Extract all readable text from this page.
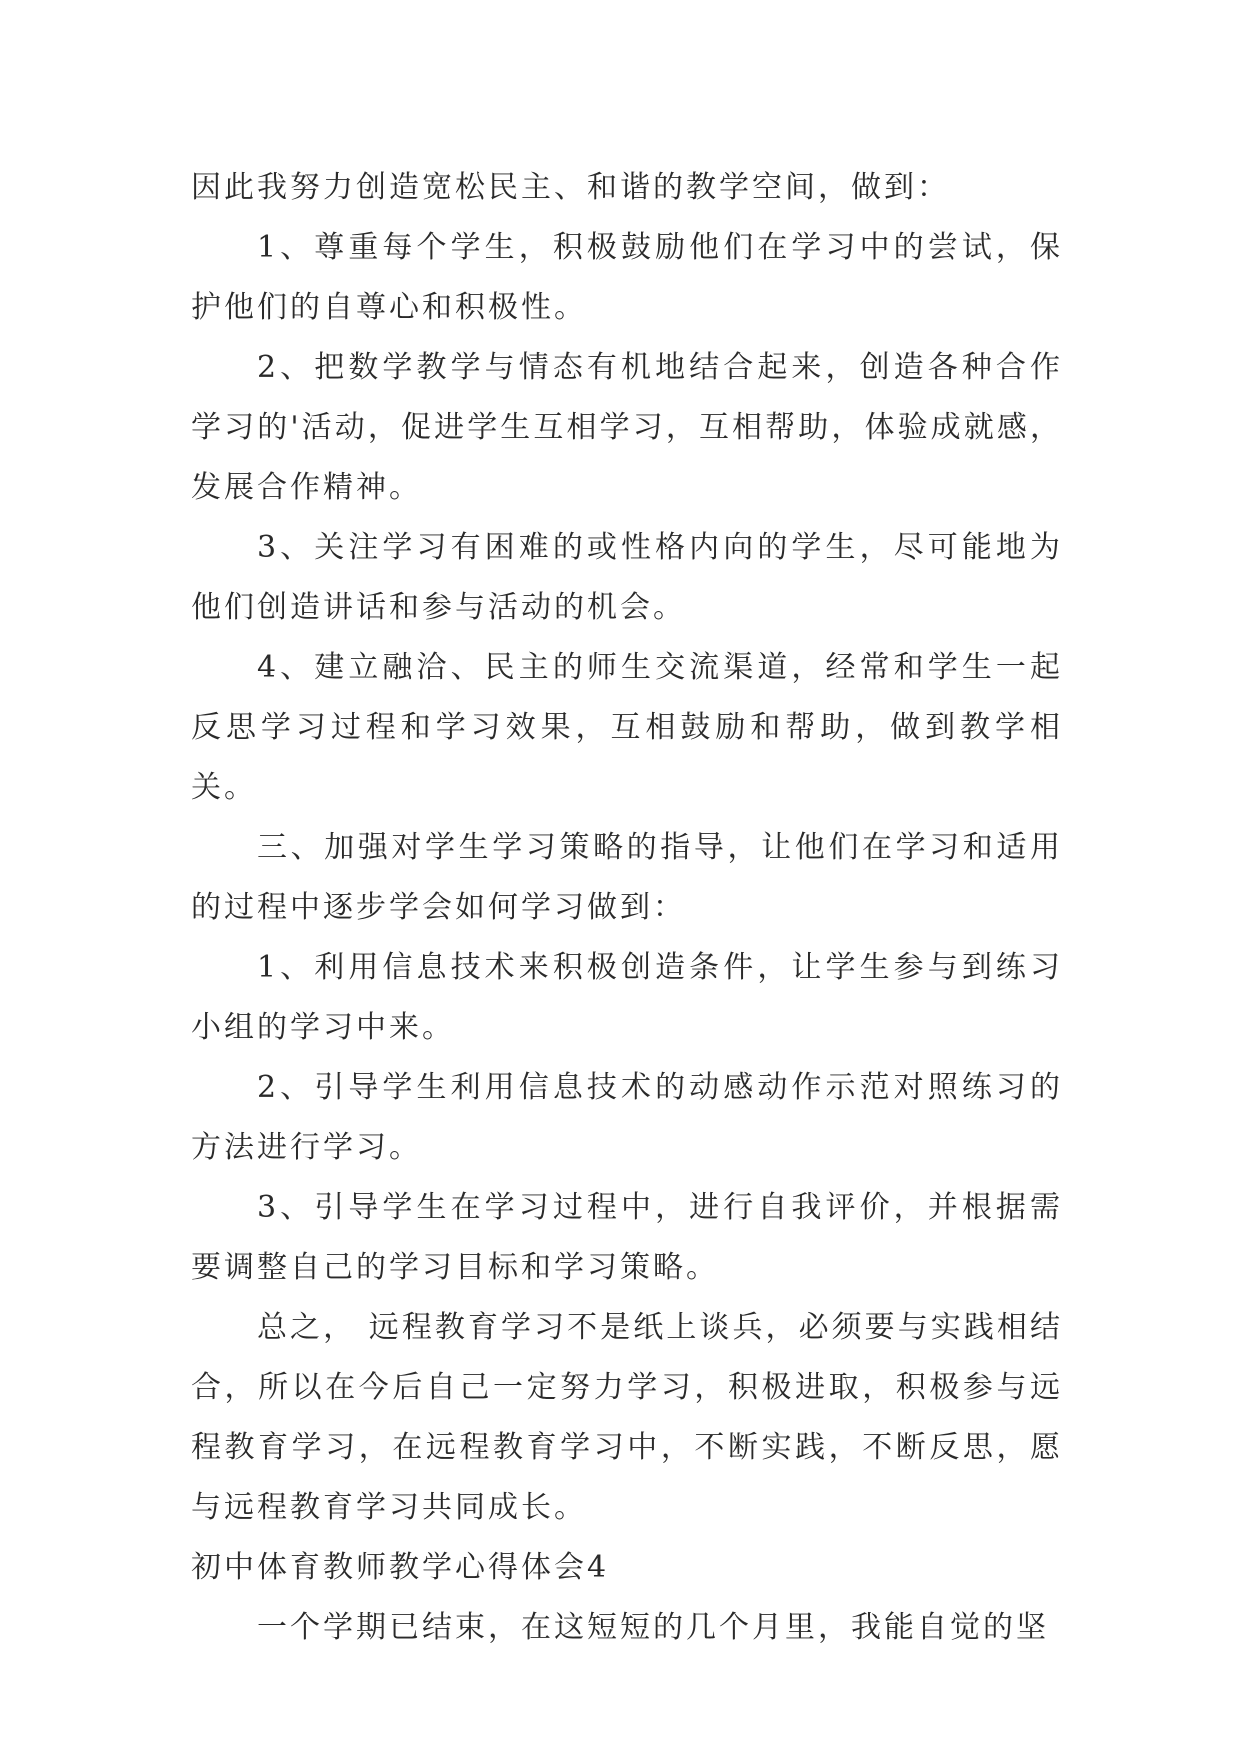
因此我努力创造宽松民主、和谐的教学空间，做到：

1、尊重每个学生，积极鼓励他们在学习中的尝试，保护他们的自尊心和积极性。

2、把数学教学与情态有机地结合起来，创造各种合作学习的'活动，促进学生互相学习，互相帮助，体验成就感，发展合作精神。

3、关注学习有困难的或性格内向的学生，尽可能地为他们创造讲话和参与活动的机会。

4、建立融洽、民主的师生交流渠道，经常和学生一起反思学习过程和学习效果，互相鼓励和帮助，做到教学相关。

三、加强对学生学习策略的指导，让他们在学习和适用的过程中逐步学会如何学习做到：

1、利用信息技术来积极创造条件，让学生参与到练习小组的学习中来。

2、引导学生利用信息技术的动感动作示范对照练习的方法进行学习。

3、引导学生在学习过程中，进行自我评价，并根据需要调整自己的学习目标和学习策略。

总之， 远程教育学习不是纸上谈兵，必须要与实践相结合，所以在今后自己一定努力学习，积极进取，积极参与远程教育学习，在远程教育学习中，不断实践，不断反思，愿与远程教育学习共同成长。

初中体育教师教学心得体会4

一个学期已结束，在这短短的几个月里，我能自觉的坚
